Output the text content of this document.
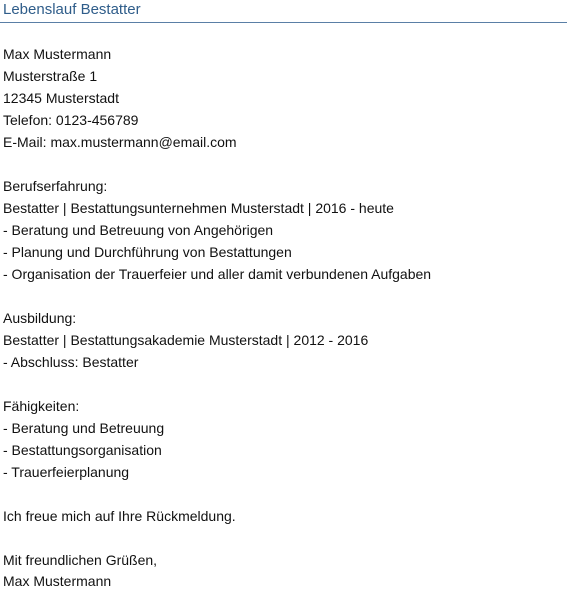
Lebenslauf Bestatter
Max Mustermann
Musterstraße 1
12345 Musterstadt
Telefon: 0123-456789
E-Mail: max.mustermann@email.com
Berufserfahrung:
Bestatter | Bestattungsunternehmen Musterstadt | 2016 - heute
- Beratung und Betreuung von Angehörigen
- Planung und Durchführung von Bestattungen
- Organisation der Trauerfeier und aller damit verbundenen Aufgaben
Ausbildung:
Bestatter | Bestattungsakademie Musterstadt | 2012 - 2016
- Abschluss: Bestatter
Fähigkeiten:
- Beratung und Betreuung
- Bestattungsorganisation
- Trauerfeierplanung
Ich freue mich auf Ihre Rückmeldung.
Mit freundlichen Grüßen,
Max Mustermann
